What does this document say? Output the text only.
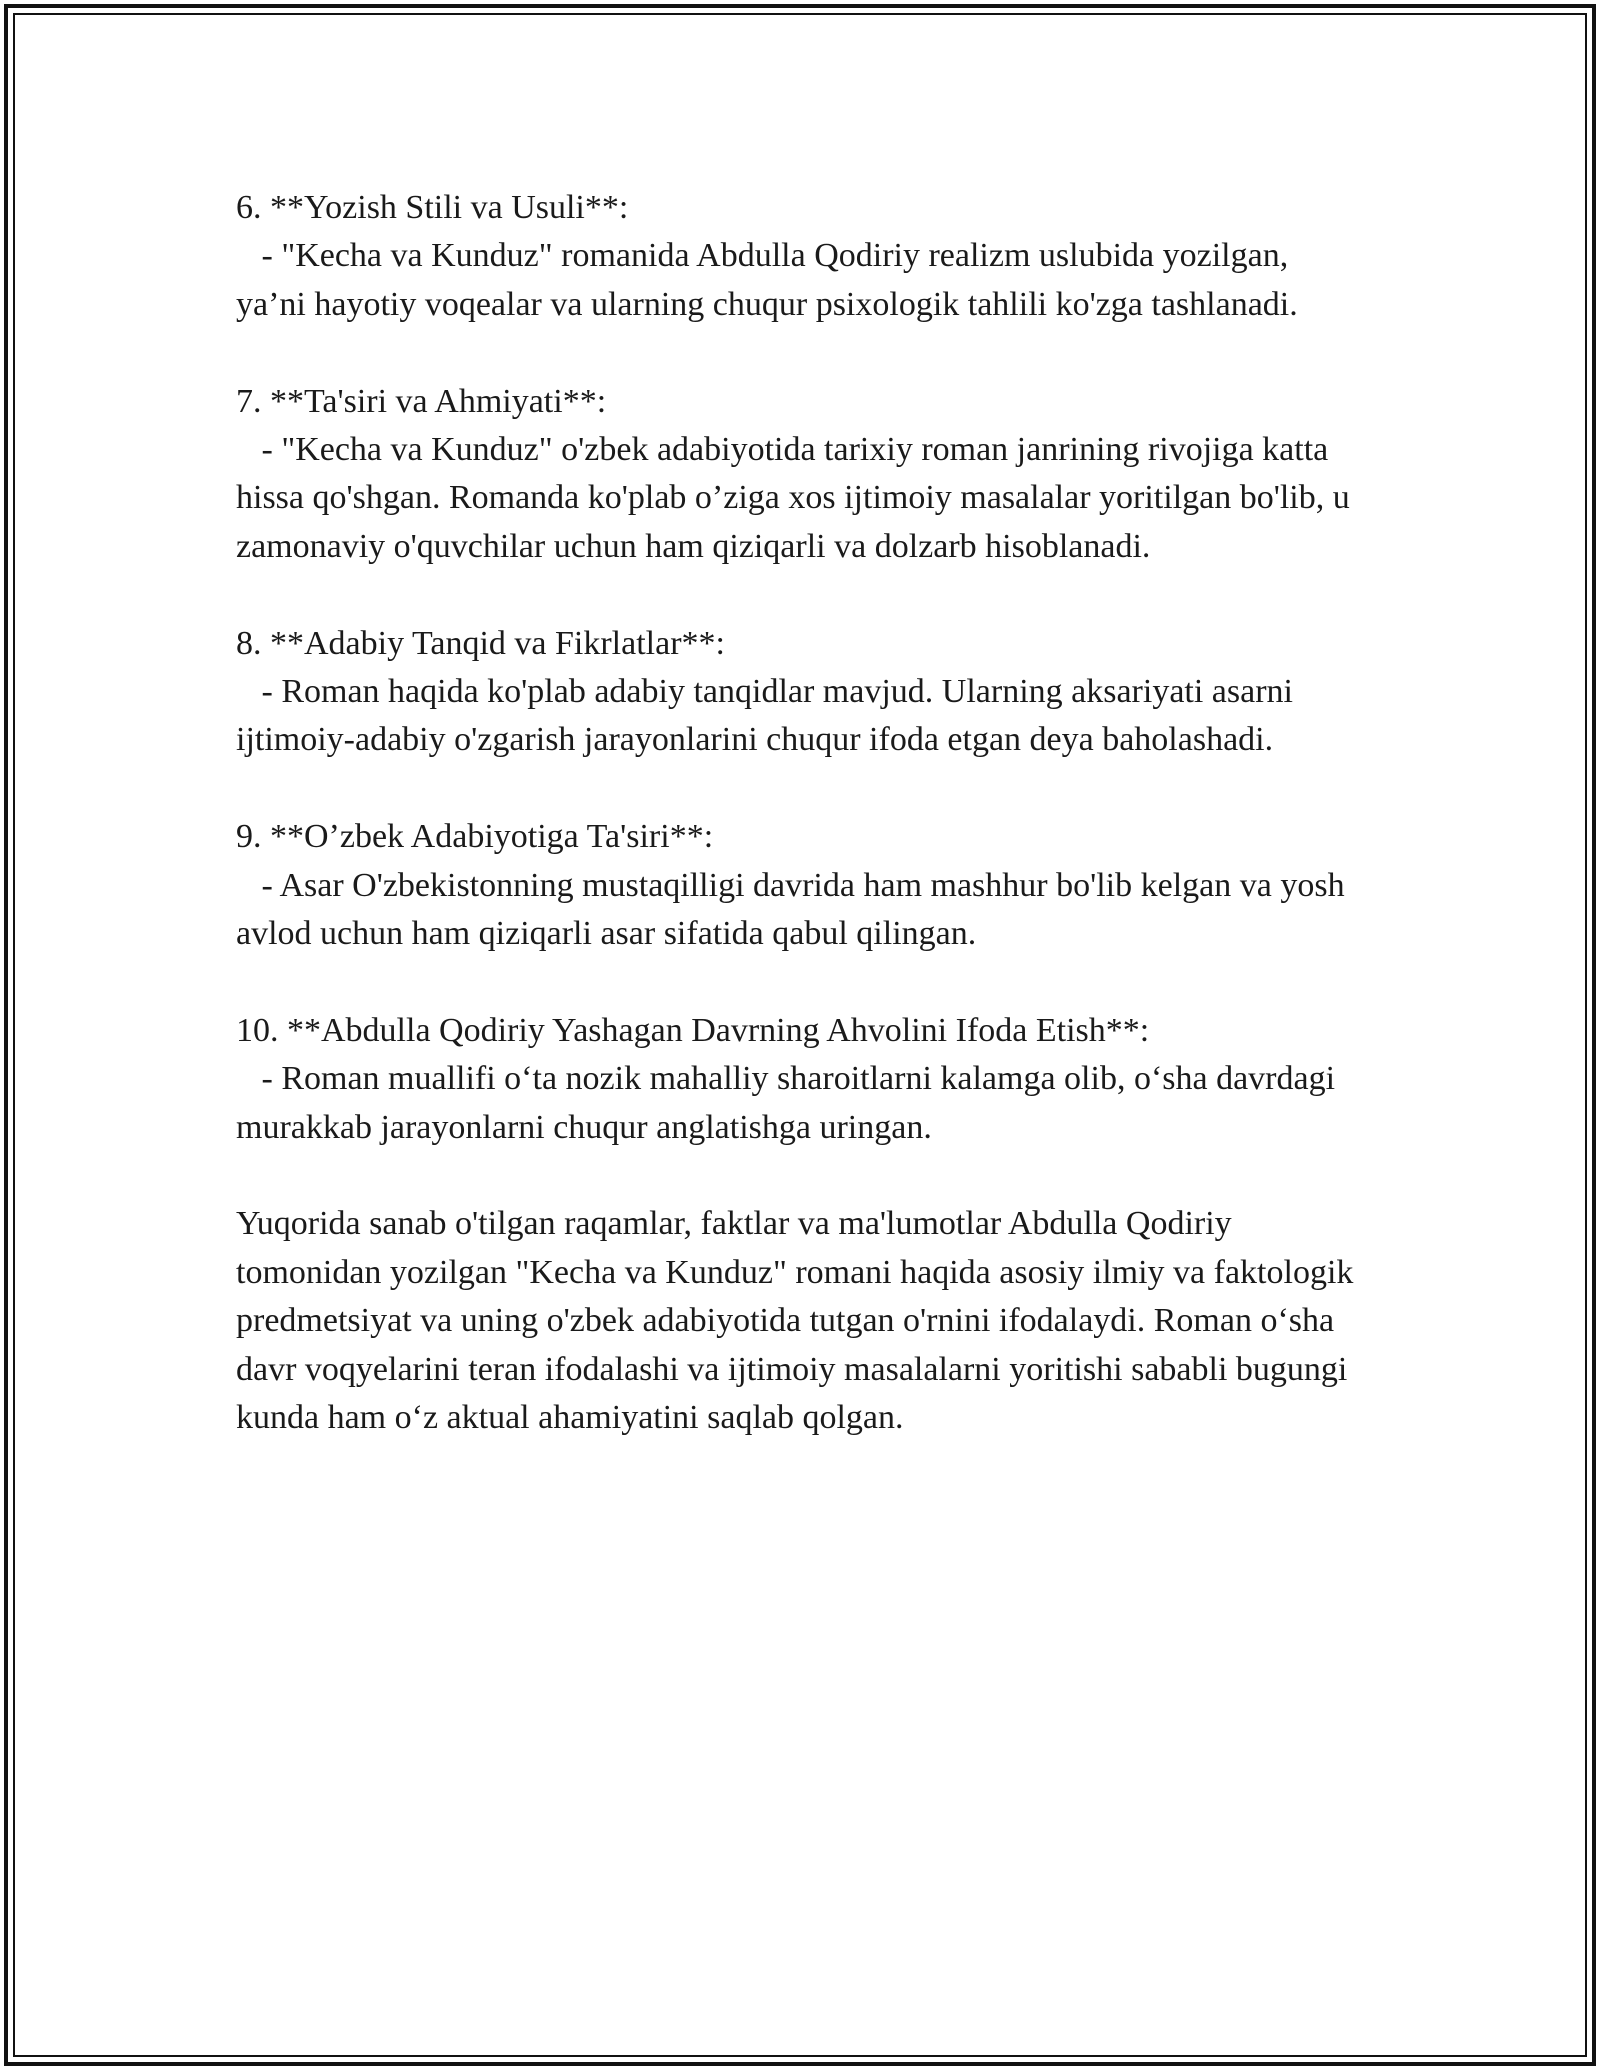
6. **Yozish Stili va Usuli**:
- "Kecha va Kunduz" romanida Abdulla Qodiriy realizm uslubida yozilgan, ya’ni hayotiy voqealar va ularning chuqur psixologik tahlili ko'zga tashlanadi.
7. **Ta'siri va Ahmiyati**:
- "Kecha va Kunduz" o'zbek adabiyotida tarixiy roman janrining rivojiga katta hissa qo'shgan. Romanda ko'plab o’ziga xos ijtimoiy masalalar yoritilgan bo'lib, u zamonaviy o'quvchilar uchun ham qiziqarli va dolzarb hisoblanadi.
8. **Adabiy Tanqid va Fikrlatlar**:
- Roman haqida ko'plab adabiy tanqidlar mavjud. Ularning aksariyati asarni ijtimoiy-adabiy o'zgarish jarayonlarini chuqur ifoda etgan deya baholashadi.
9. **O’zbek Adabiyotiga Ta'siri**:
- Asar O'zbekistonning mustaqilligi davrida ham mashhur bo'lib kelgan va yosh avlod uchun ham qiziqarli asar sifatida qabul qilingan.
10. **Abdulla Qodiriy Yashagan Davrning Ahvolini Ifoda Etish**:
- Roman muallifi o‘ta nozik mahalliy sharoitlarni kalamga olib, o‘sha davrdagi murakkab jarayonlarni chuqur anglatishga uringan.

Yuqorida sanab o'tilgan raqamlar, faktlar va ma'lumotlar Abdulla Qodiriy tomonidan yozilgan "Kecha va Kunduz" romani haqida asosiy ilmiy va faktologik predmetsiyat va uning o'zbek adabiyotida tutgan o'rnini ifodalaydi. Roman o‘sha davr voqyelarini teran ifodalashi va ijtimoiy masalalarni yoritishi sababli bugungi kunda ham o‘z aktual ahamiyatini saqlab qolgan.
